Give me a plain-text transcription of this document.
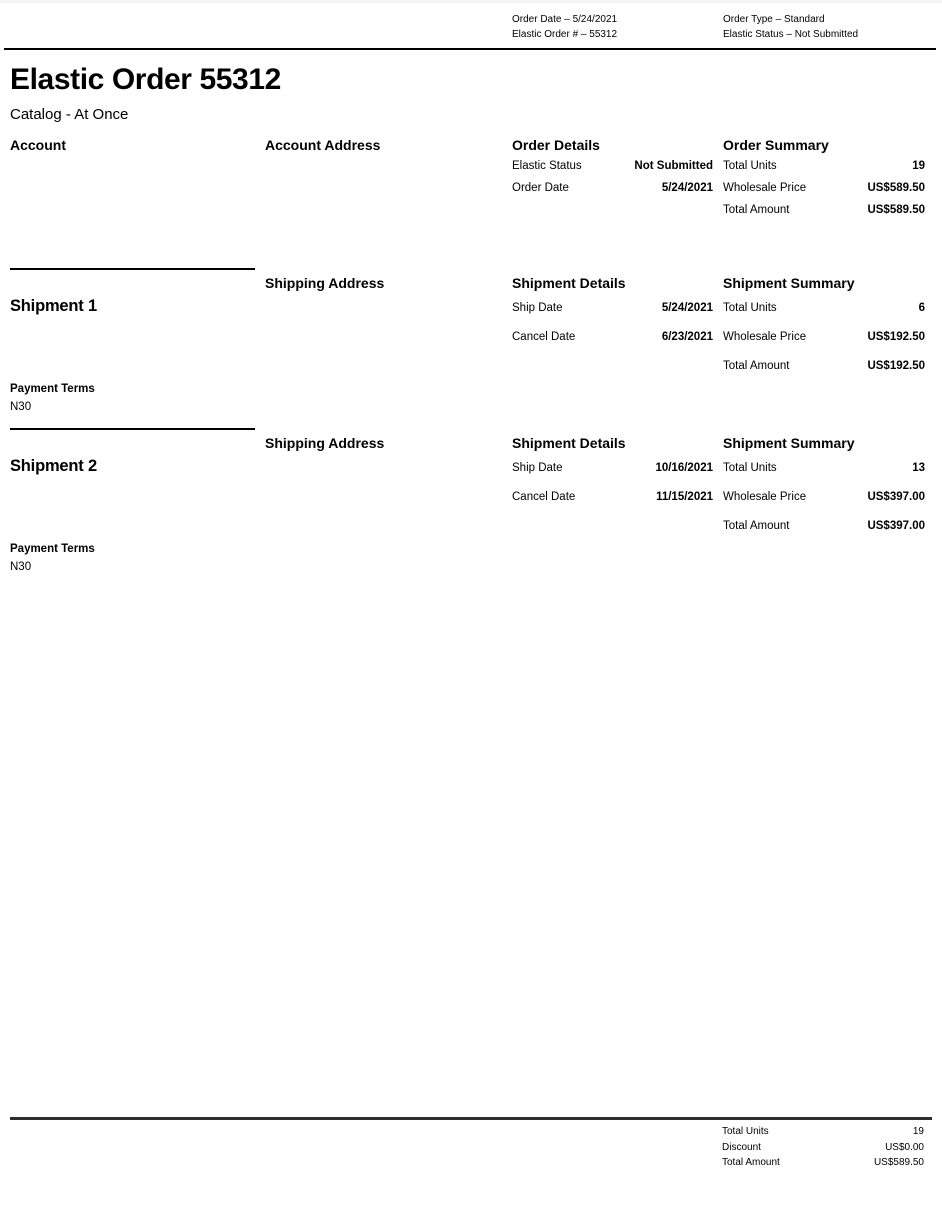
Order Date – 5/24/2021
Elastic Order # – 55312
Order Type – Standard
Elastic Status – Not Submitted
Elastic Order 55312
Catalog - At Once
Account	Account Address	Order Details
Elastic Status	Not Submitted
Order Date	5/24/2021
Order Summary
Total Units	19
Wholesale Price	US$589.50
Total Amount	US$589.50
Shipment 1
Payment Terms
N30
Shipping Address	Shipment Details
Ship Date	5/24/2021
Cancel Date	6/23/2021
Shipment Summary
Total Units	6
Wholesale Price	US$192.50
Total Amount	US$192.50
Shipment 2
Payment Terms
N30
Shipping Address	Shipment Details
Ship Date	10/16/2021
Cancel Date	11/15/2021
Shipment Summary
Total Units	13
Wholesale Price	US$397.00
Total Amount	US$397.00
Total Units	19
Discount	US$0.00
Total Amount	US$589.50
